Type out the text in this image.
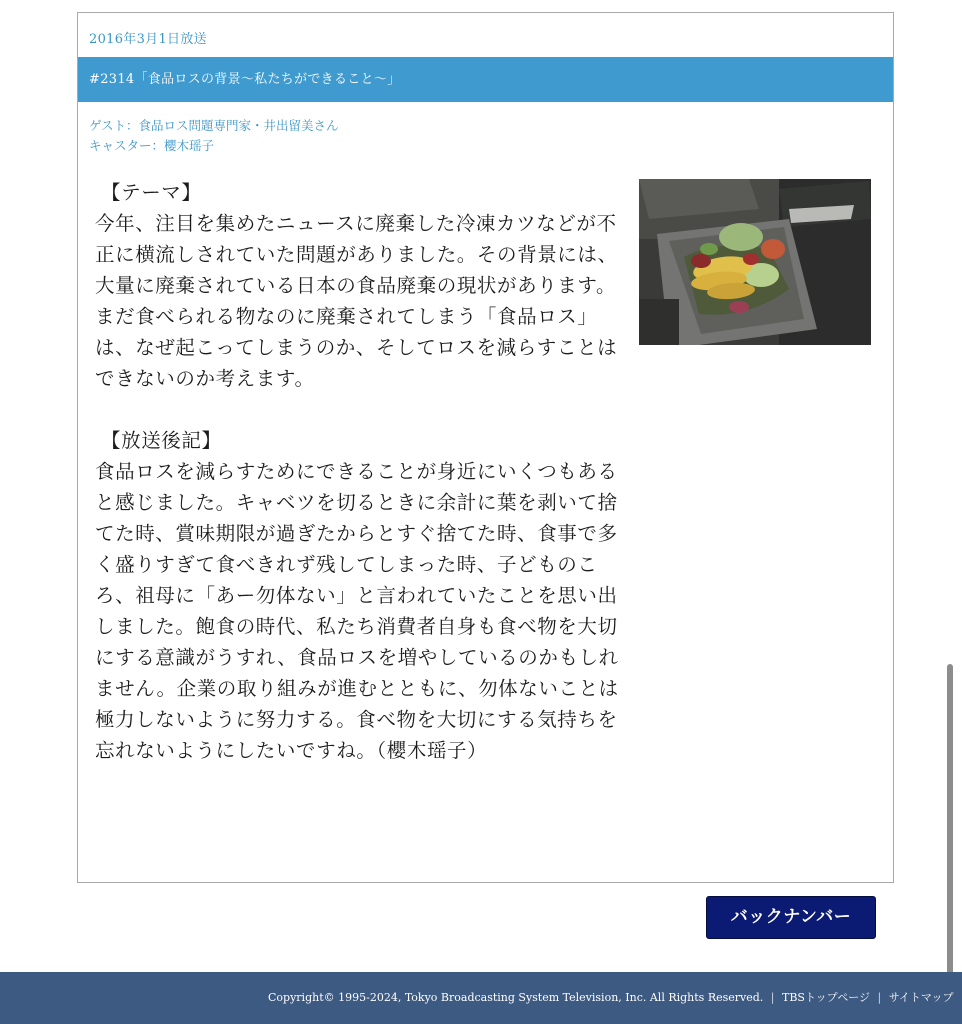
2016年3月1日放送
#2314「食品ロスの背景〜私たちができること〜」
ゲスト：食品ロス問題専門家・井出留美さん
キャスター：櫻木瑶子
【テーマ】
今年、注目を集めたニュースに廃棄した冷凍カツなどが不正に横流しされていた問題がありました。その背景には、大量に廃棄されている日本の食品廃棄の現状があります。まだ食べられる物なのに廃棄されてしまう「食品ロス」は、なぜ起こってしまうのか、そしてロスを減らすことはできないのか考えます。
【放送後記】
食品ロスを減らすためにできることが身近にいくつもあると感じました。キャベツを切るときに余計に葉を剥いて捨てた時、賞味期限が過ぎたからとすぐ捨てた時、食事で多く盛りすぎて食べきれず残してしまった時、子どものころ、祖母に「あー勿体ない」と言われていたことを思い出しました。飽食の時代、私たち消費者自身も食べ物を大切にする意識がうすれ、食品ロスを増やしているのかもしれません。企業の取り組みが進むとともに、勿体ないことは極力しないように努力する。食べ物を大切にする気持ちを忘れないようにしたいですね。（櫻木瑶子）
バックナンバー
Copyright© 1995-2024, Tokyo Broadcasting System Television, Inc. All Rights Reserved. | TBSトップページ | サイトマップ
